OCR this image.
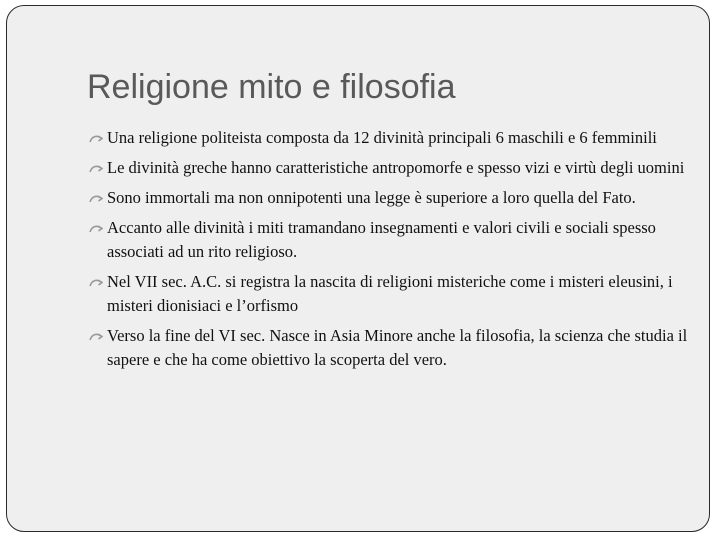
Religione mito e filosofia
Una religione politeista composta da 12 divinità principali 6 maschili e 6 femminili
Le divinità greche hanno caratteristiche antropomorfe e spesso vizi e virtù degli uomini
Sono immortali ma non onnipotenti una legge è superiore a loro quella del Fato.
Accanto alle divinità i miti tramandano insegnamenti e valori civili e sociali spesso associati ad un rito religioso.
Nel VII sec. A.C. si registra la nascita di religioni misteriche come i misteri eleusini, i misteri dionisiaci e l’orfismo
Verso la fine del VI sec. Nasce in Asia Minore anche la filosofia, la scienza che studia il sapere e che ha come obiettivo la scoperta del vero.
